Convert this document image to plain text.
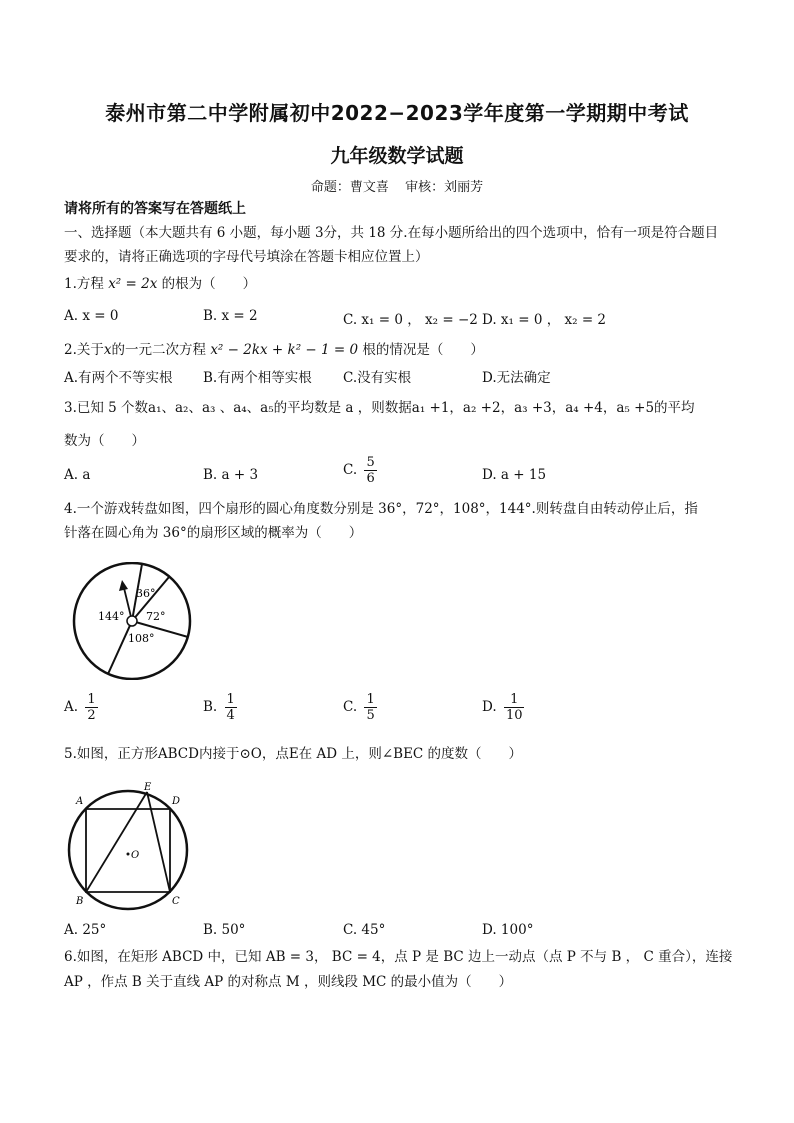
泰州市第二中学附属初中2022−2023学年度第一学期期中考试
九年级数学试题
命题：曹文喜 审核：刘丽芳
请将所有的答案写在答题纸上
一、选择题（本大题共有 6 小题，每小题 3分，共 18 分.在每小题所给出的四个选项中，恰有一项是符合题目
要求的，请将正确选项的字母代号填涂在答题卡相应位置上）
1.方程 x² = 2x 的根为（　　）
A. x = 0	B. x = 2	C. x₁ = 0 ， x₂ = −2 D. x₁ = 0 ， x₂ = 2
2.关于x的一元二次方程 x² − 2kx + k² − 1 = 0 根的情况是（　　）
A.有两个不等实根 B.有两个相等实根 C.没有实根	D.无法确定
3.已知 5 个数a₁、a₂、a₃ 、a₄、a₅的平均数是 a ，则数据a₁ +1，a₂ +2，a₃ +3，a₄ +4，a₅ +5的平均
数为（　　）
A. a	B. a + 3	C. $\frac{5}{6}$	D. a + 15
4.一个游戏转盘如图，四个扇形的圆心角度数分别是 36°，72°，108°，144°.则转盘自由转动停止后，指
针落在圆心角为 36°的扇形区域的概率为（　　）
36°
72°
108°
144°
A. $\frac{1}{2}$	B. $\frac{1}{4}$	C. $\frac{1}{5}$	D. $\frac{1}{10}$
5.如图，正方形ABCD内接于⊙O，点E在 AD 上，则∠BEC 的度数（　　）
A
E
D
O
B	C
A. 25°	B. 50°	C. 45°	D. 100°
6.如图，在矩形 ABCD 中，已知 AB = 3， BC = 4，点 P 是 BC 边上一动点（点 P 不与 B ， C 重合），连接
AP ，作点 B 关于直线 AP 的对称点 M ，则线段 MC 的最小值为（　　）
